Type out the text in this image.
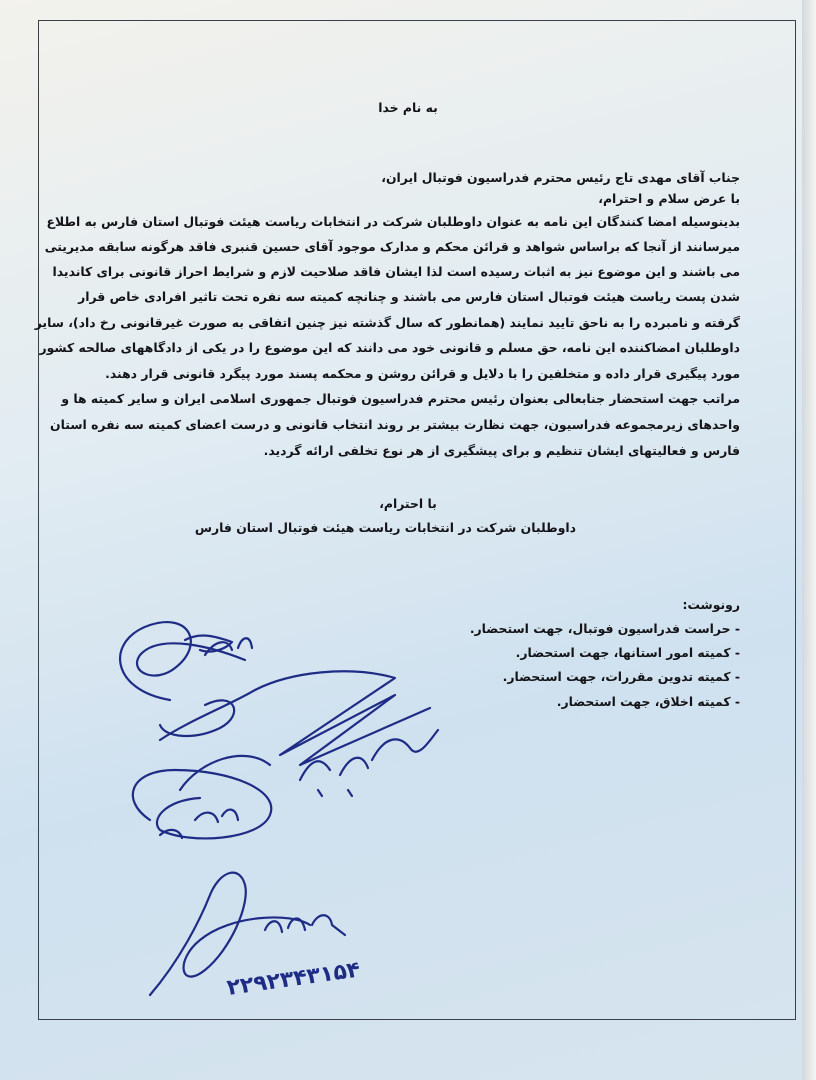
به نام خدا

جناب آقای مهدی تاج رئیس محترم فدراسیون فوتبال ایران،

با عرض سلام و احترام،

بدینوسیله امضا کنندگان این نامه به عنوان داوطلبان شرکت در انتخابات ریاست هیئت فوتبال استان فارس به اطلاع

میرسانند از آنجا که براساس شواهد و قرائن محکم و مدارک موجود آقای حسین قنبری فاقد هرگونه سابقه مدیریتی

می باشند و این موضوع نیز به اثبات رسیده است لذا ایشان فاقد صلاحیت لازم و شرایط احراز قانونی برای کاندیدا

شدن پست ریاست هیئت فوتبال استان فارس می باشند و چنانچه کمیته سه نفره تحت تاثیر افرادی خاص قرار

گرفته و نامبرده را به ناحق تایید نمایند (همانطور که سال گذشته نیز چنین اتفاقی به صورت غیرقانونی رخ داد)، سایر

داوطلبان امضاکننده این نامه، حق مسلم و قانونی خود می دانند که این موضوع را در یکی از دادگاههای صالحه کشور

مورد پیگیری قرار داده و متخلفین را با دلایل و قرائن روشن و محکمه پسند مورد پیگرد قانونی قرار دهند.

مراتب جهت استحضار جنابعالی بعنوان رئیس محترم فدراسیون فوتبال جمهوری اسلامی ایران و سایر کمیته ها و

واحدهای زیرمجموعه فدراسیون، جهت نظارت بیشتر بر روند انتخاب قانونی و درست اعضای کمیته سه نفره استان

فارس و فعالیتهای ایشان تنظیم و برای پیشگیری از هر نوع تخلفی ارائه گردید.

با احترام،

داوطلبان شرکت در انتخابات ریاست هیئت فوتبال استان فارس

رونوشت:

- حراست فدراسیون فوتبال، جهت استحضار.

- کمیته امور استانها، جهت استحضار.

- کمیته تدوین مقررات، جهت استحضار.

- کمیته اخلاق، جهت استحضار.

۲۲۹۲۳۴۳۱۵۴
